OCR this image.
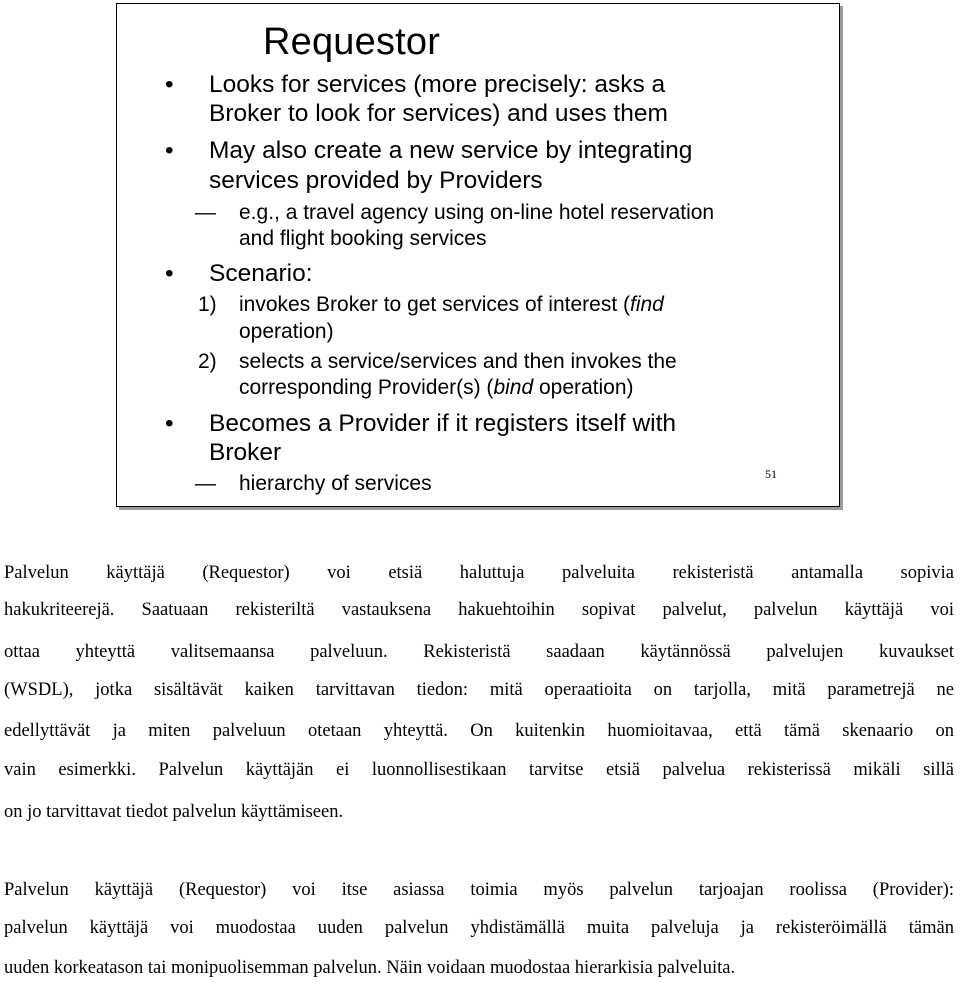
Requestor
• Looks for services (more precisely: asks a
Broker to look for services) and uses them
• May also create a new service by integrating
services provided by Providers
— e.g., a travel agency using on-line hotel reservation
and flight booking services
• Scenario:
1) invokes Broker to get services of interest (find
operation)
2) selects a service/services and then invokes the
corresponding Provider(s) (bind operation)
• Becomes a Provider if it registers itself with
Broker
— hierarchy of services	51
Palvelun käyttäjä (Requestor) voi etsiä haluttuja palveluita rekisteristä antamalla sopivia
hakukriteerejä. Saatuaan rekisteriltä vastauksena hakuehtoihin sopivat palvelut, palvelun käyttäjä voi
ottaa yhteyttä valitsemaansa palveluun. Rekisteristä saadaan käytännössä palvelujen kuvaukset
(WSDL), jotka sisältävät kaiken tarvittavan tiedon: mitä operaatioita on tarjolla, mitä parametrejä ne
edellyttävät ja miten palveluun otetaan yhteyttä. On kuitenkin huomioitavaa, että tämä skenaario on
vain esimerkki. Palvelun käyttäjän ei luonnollisestikaan tarvitse etsiä palvelua rekisterissä mikäli sillä
on jo tarvittavat tiedot palvelun käyttämiseen.
Palvelun käyttäjä (Requestor) voi itse asiassa toimia myös palvelun tarjoajan roolissa (Provider):
palvelun käyttäjä voi muodostaa uuden palvelun yhdistämällä muita palveluja ja rekisteröimällä tämän
uuden korkeatason tai monipuolisemman palvelun. Näin voidaan muodostaa hierarkisia palveluita.
